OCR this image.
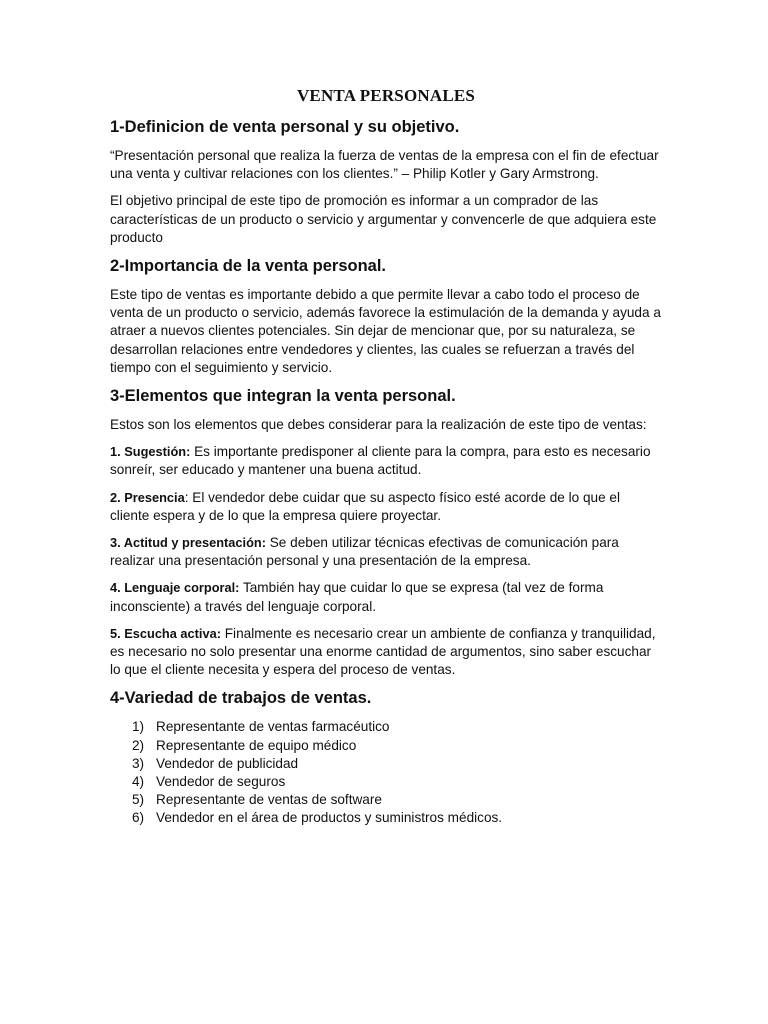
VENTA PERSONALES
1-Definicion de venta personal y su objetivo.

“Presentación personal que realiza la fuerza de ventas de la empresa con el fin de efectuar una venta y cultivar relaciones con los clientes.” – Philip Kotler y Gary Armstrong.

El objetivo principal de este tipo de promoción es informar a un comprador de las características de un producto o servicio y argumentar y convencerle de que adquiera este producto

2-Importancia de la venta personal.

Este tipo de ventas es importante debido a que permite llevar a cabo todo el proceso de venta de un producto o servicio, además favorece la estimulación de la demanda y ayuda a atraer a nuevos clientes potenciales. Sin dejar de mencionar que, por su naturaleza, se desarrollan relaciones entre vendedores y clientes, las cuales se refuerzan a través del tiempo con el seguimiento y servicio.

3-Elementos que integran la venta personal.

Estos son los elementos que debes considerar para la realización de este tipo de ventas:

1. Sugestión: Es importante predisponer al cliente para la compra, para esto es necesario sonreír, ser educado y mantener una buena actitud.

2. Presencia: El vendedor debe cuidar que su aspecto físico esté acorde de lo que el cliente espera y de lo que la empresa quiere proyectar.

3. Actitud y presentación: Se deben utilizar técnicas efectivas de comunicación para realizar una presentación personal y una presentación de la empresa.

4. Lenguaje corporal: También hay que cuidar lo que se expresa (tal vez de forma inconsciente) a través del lenguaje corporal.

5. Escucha activa: Finalmente es necesario crear un ambiente de confianza y tranquilidad, es necesario no solo presentar una enorme cantidad de argumentos, sino saber escuchar lo que el cliente necesita y espera del proceso de ventas.

4-Variedad de trabajos de ventas.
1) Representante de ventas farmacéutico
2) Representante de equipo médico
3) Vendedor de publicidad
4) Vendedor de seguros
5) Representante de ventas de software
6) Vendedor en el área de productos y suministros médicos.
